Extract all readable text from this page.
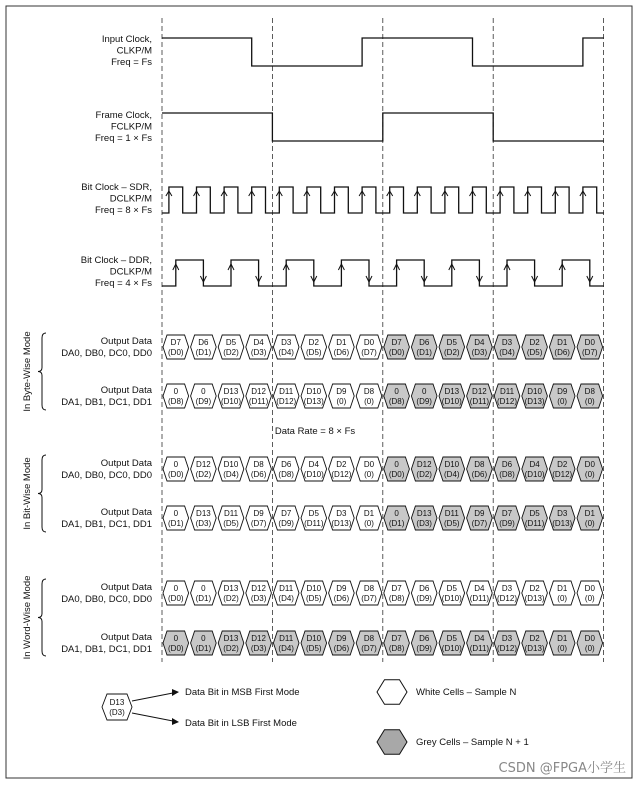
Input Clock,
CLKP/M
Freq = Fs
Frame Clock,
FCLKP/M
Freq = 1 × Fs
Bit Clock – SDR,
DCLKP/M
Freq = 8 × Fs
Bit Clock – DDR,
DCLKP/M
Freq = 4 × Fs
Output Data
DA0, DB0, DC0, DD0
Output Data
DA1, DB1, DC1, DD1
Output Data
DA0, DB0, DC0, DD0
Output Data
DA1, DB1, DC1, DD1
Output Data
DA0, DB0, DC0, DD0
Output Data
DA1, DB1, DC1, DD1
Data Rate = 8 × Fs
In Byte-Wise Mode
In Bit-Wise Mode
In Word-Wise Mode
D7
(D0)
D6
(D1)
D5
(D2)
D4
(D3)
D3
(D4)
D2
(D5)
D1
(D6)
D0
(D7)
D7
(D0)
D6
(D1)
D5
(D2)
D4
(D3)
D3
(D4)
D2
(D5)
D1
(D6)
D0
(D7)
0
(D8)
0
(D9)
D13
(D10)
D12
(D11)
D11
(D12)
D10
(D13)
D9
(0)
D8
(0)
0
(D8)
0
(D9)
D13
(D10)
D12
(D11)
D11
(D12)
D10
(D13)
D9
(0)
D8
(0)
0
(D0)
D12
(D2)
D10
(D4)
D8
(D6)
D6
(D8)
D4
(D10)
D2
(D12)
D0
(0)
0
(D0)
D12
(D2)
D10
(D4)
D8
(D6)
D6
(D8)
D4
(D10)
D2
(D12)
D0
(0)
0
(D1)
D13
(D3)
D11
(D5)
D9
(D7)
D7
(D9)
D5
(D11)
D3
(D13)
D1
(0)
0
(D1)
D13
(D3)
D11
(D5)
D9
(D7)
D7
(D9)
D5
(D11)
D3
(D13)
D1
(0)
0
(D0)
0
(D1)
D13
(D2)
D12
(D3)
D11
(D4)
D10
(D5)
D9
(D6)
D8
(D7)
D7
(D8)
D6
(D9)
D5
(D10)
D4
(D11)
D3
(D12)
D2
(D13)
D1
(0)
D0
(0)
0
(D0)
0
(D1)
D13
(D2)
D12
(D3)
D11
(D4)
D10
(D5)
D9
(D6)
D8
(D7)
D7
(D8)
D6
(D9)
D5
(D10)
D4
(D11)
D3
(D12)
D2
(D13)
D1
(0)
D0
(0)
D13
(D3)
Data Bit in MSB First Mode
Data Bit in LSB First Mode
White Cells – Sample N
Grey Cells – Sample N + 1
CSDN @FPGA小学生
